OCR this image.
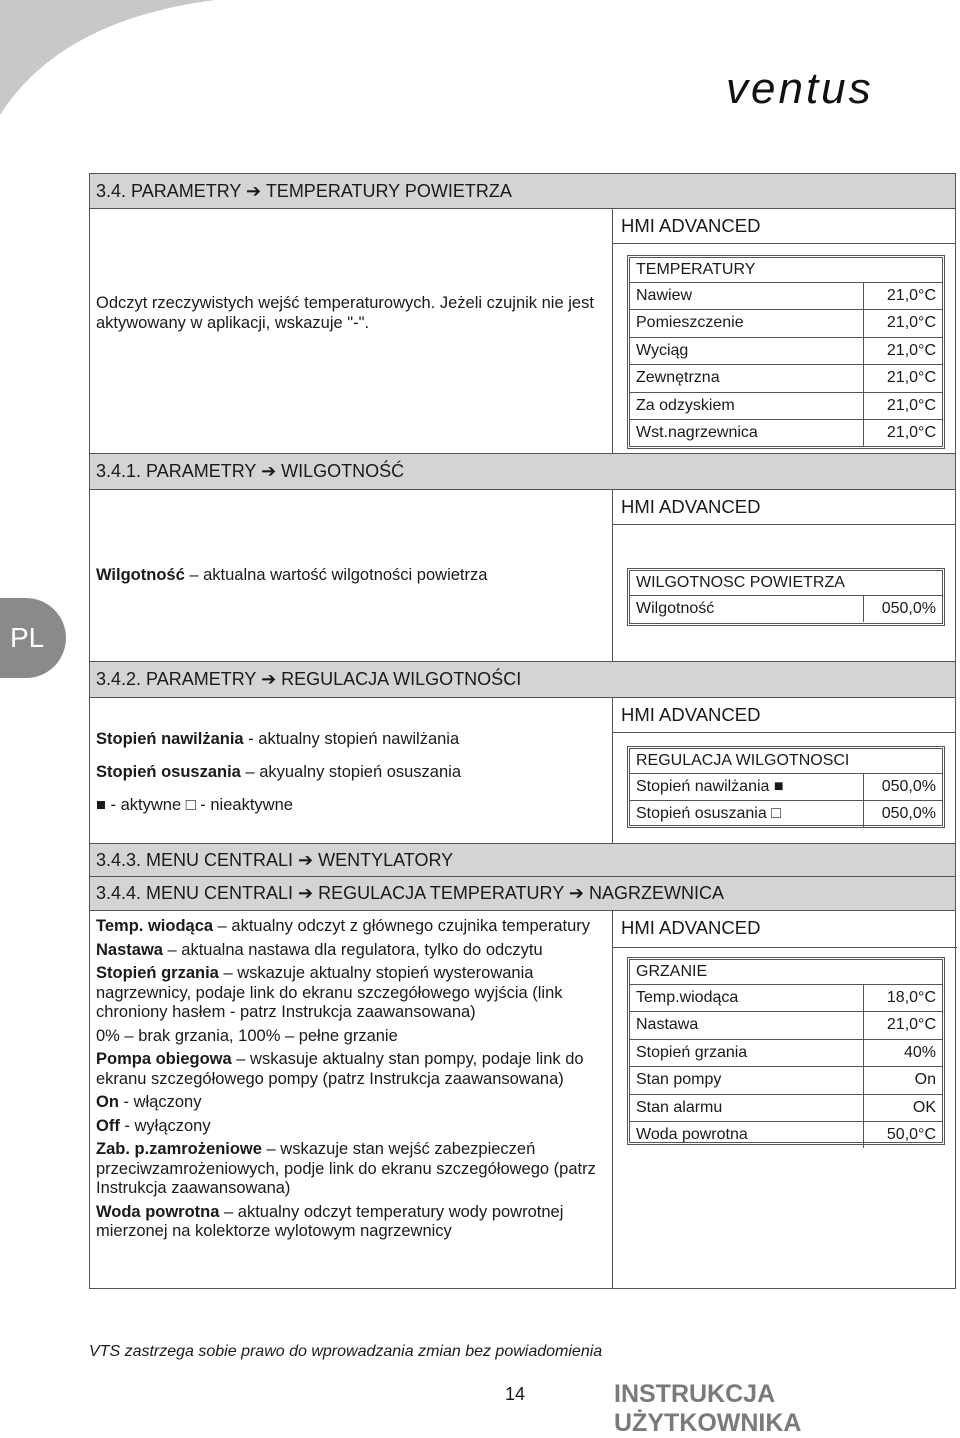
ventus
PL
3.4. PARAMETRY ➔ TEMPERATURY POWIETRZA
Odczyt rzeczywistych wejść temperaturowych. Jeżeli czujnik nie jest aktywowany w aplikacji, wskazuje "-".
HMI ADVANCED
TEMPERATURY
Nawiew	21,0°C
Pomieszczenie	21,0°C
Wyciąg	21,0°C
Zewnętrzna	21,0°C
Za odzyskiem	21,0°C
Wst.nagrzewnica	21,0°C
3.4.1. PARAMETRY ➔ WILGOTNOŚĆ
Wilgotność – aktualna wartość wilgotności powietrza
HMI ADVANCED
WILGOTNOSC POWIETRZA
Wilgotność	050,0%
3.4.2. PARAMETRY ➔ REGULACJA WILGOTNOŚCI
Stopień nawilżania - aktualny stopień nawilżania
Stopień osuszania – akyualny stopień osuszania
■ - aktywne □ - nieaktywne
HMI ADVANCED
REGULACJA WILGOTNOSCI
Stopień nawilżania ■	050,0%
Stopień osuszania □	050,0%
3.4.3. MENU CENTRALI ➔ WENTYLATORY
3.4.4. MENU CENTRALI ➔ REGULACJA TEMPERATURY ➔ NAGRZEWNICA
Temp. wiodąca – aktualny odczyt z głównego czujnika temperatury
Nastawa – aktualna nastawa dla regulatora, tylko do odczytu
Stopień grzania – wskazuje aktualny stopień wysterowania nagrzewnicy, podaje link do ekranu szczegółowego wyjścia (link chroniony hasłem - patrz Instrukcja zaawansowana)
0% – brak grzania, 100% – pełne grzanie
Pompa obiegowa – wskasuje aktualny stan pompy, podaje link do ekranu szczegółowego pompy (patrz Instrukcja zaawansowana)
On - włączony
Off - wyłączony
Zab. p.zamrożeniowe – wskazuje stan wejść zabezpieczeń przeciwzamrożeniowych, podje link do ekranu szczegółowego (patrz Instrukcja zaawansowana)
Woda powrotna – aktualny odczyt temperatury wody powrotnej mierzonej na kolektorze wylotowym nagrzewnicy
HMI ADVANCED
GRZANIE
Temp.wiodąca	18,0°C
Nastawa	21,0°C
Stopień grzania	40%
Stan pompy	On
Stan alarmu	OK
Woda powrotna	50,0°C
VTS zastrzega sobie prawo do wprowadzania zmian bez powiadomienia
14	INSTRUKCJA UŻYTKOWNIKA
